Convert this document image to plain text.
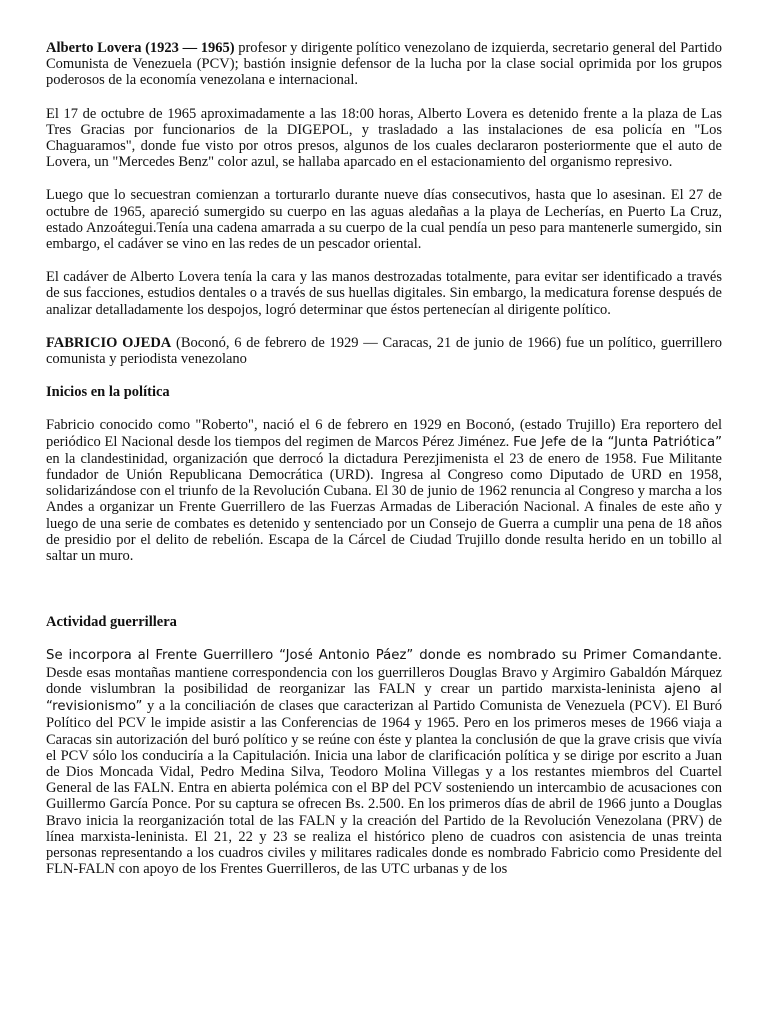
Alberto Lovera (1923 — 1965) profesor y dirigente político venezolano de izquierda, secretario general del Partido Comunista de Venezuela (PCV); bastión insignie defensor de la lucha por la clase social oprimida por los grupos poderosos de la economía venezolana e internacional.

El 17 de octubre de 1965 aproximadamente a las 18:00 horas, Alberto Lovera es detenido frente a la plaza de Las Tres Gracias por funcionarios de la DIGEPOL, y trasladado a las instalaciones de esa policía en "Los Chaguaramos", donde fue visto por otros presos, algunos de los cuales declararon posteriormente que el auto de Lovera, un "Mercedes Benz" color azul, se hallaba aparcado en el estacionamiento del organismo represivo.

Luego que lo secuestran comienzan a torturarlo durante nueve días consecutivos, hasta que lo asesinan. El 27 de octubre de 1965, apareció sumergido su cuerpo en las aguas aledañas a la playa de Lecherías, en Puerto La Cruz, estado Anzoátegui.Tenía una cadena amarrada a su cuerpo de la cual pendía un peso para mantenerle sumergido, sin embargo, el cadáver se vino en las redes de un pescador oriental.

El cadáver de Alberto Lovera tenía la cara y las manos destrozadas totalmente, para evitar ser identificado a través de sus facciones, estudios dentales o a través de sus huellas digitales. Sin embargo, la medicatura forense después de analizar detalladamente los despojos, logró determinar que éstos pertenecían al dirigente político.

FABRICIO OJEDA (Boconó, 6 de febrero de 1929 — Caracas, 21 de junio de 1966) fue un político, guerrillero comunista y periodista venezolano

Inicios en la política

Fabricio conocido como "Roberto", nació el 6 de febrero en 1929 en Boconó, (estado Trujillo) Era reportero del periódico El Nacional desde los tiempos del regimen de Marcos Pérez Jiménez. Fue Jefe de la “Junta Patriótica” en la clandestinidad, organización que derrocó la dictadura Perezjimenista el 23 de enero de 1958. Fue Militante fundador de Unión Republicana Democrática (URD). Ingresa al Congreso como Diputado de URD en 1958, solidarizándose con el triunfo de la Revolución Cubana. El 30 de junio de 1962 renuncia al Congreso y marcha a los Andes a organizar un Frente Guerrillero de las Fuerzas Armadas de Liberación Nacional. A finales de este año y luego de una serie de combates es detenido y sentenciado por un Consejo de Guerra a cumplir una pena de 18 años de presidio por el delito de rebelión. Escapa de la Cárcel de Ciudad Trujillo donde resulta herido en un tobillo al saltar un muro.

Actividad guerrillera

Se incorpora al Frente Guerrillero “José Antonio Páez” donde es nombrado su Primer Comandante. Desde esas montañas mantiene correspondencia con los guerrilleros Douglas Bravo y Argimiro Gabaldón Márquez donde vislumbran la posibilidad de reorganizar las FALN y crear un partido marxista-leninista ajeno al “revisionismo” y a la conciliación de clases que caracterizan al Partido Comunista de Venezuela (PCV). El Buró Político del PCV le impide asistir a las Conferencias de 1964 y 1965. Pero en los primeros meses de 1966 viaja a Caracas sin autorización del buró político y se reúne con éste y plantea la conclusión de que la grave crisis que vivía el PCV sólo los conduciría a la Capitulación. Inicia una labor de clarificación política y se dirige por escrito a Juan de Dios Moncada Vidal, Pedro Medina Silva, Teodoro Molina Villegas y a los restantes miembros del Cuartel General de las FALN. Entra en abierta polémica con el BP del PCV sosteniendo un intercambio de acusaciones con Guillermo García Ponce. Por su captura se ofrecen Bs. 2.500. En los primeros días de abril de 1966 junto a Douglas Bravo inicia la reorganización total de las FALN y la creación del Partido de la Revolución Venezolana (PRV) de línea marxista-leninista. El 21, 22 y 23 se realiza el histórico pleno de cuadros con asistencia de unas treinta personas representando a los cuadros civiles y militares radicales donde es nombrado Fabricio como Presidente del FLN-FALN con apoyo de los Frentes Guerrilleros, de las UTC urbanas y de los
